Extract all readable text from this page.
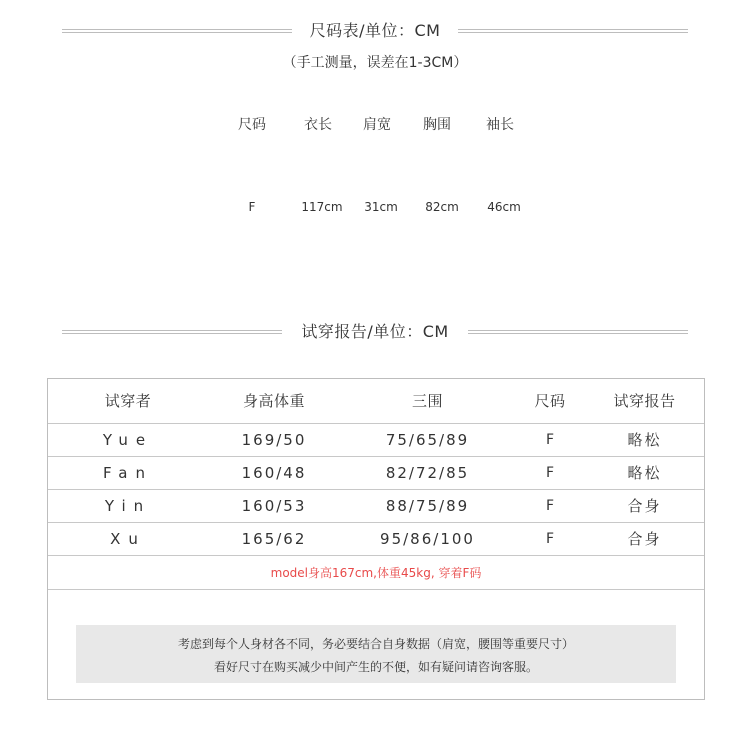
尺码表/单位：CM
（手工测量，误差在1-3CM）
尺码	衣长	肩宽	胸围	袖长
F	117cm	31cm	82cm	46cm
试穿报告/单位：CM
试穿者	身高体重	三围	尺码	试穿报告
Yue	169/50	75/65/89	F	略松
Fan	160/48	82/72/85	F	略松
Yin	160/53	88/75/89	F	合身
Xu	165/62	95/86/100	F	合身
model身高167cm,体重45kg, 穿着F码				
考虑到每个人身材各不同，务必要结合自身数据（肩宽，腰围等重要尺寸）
看好尺寸在购买减少中间产生的不便，如有疑问请咨询客服。
